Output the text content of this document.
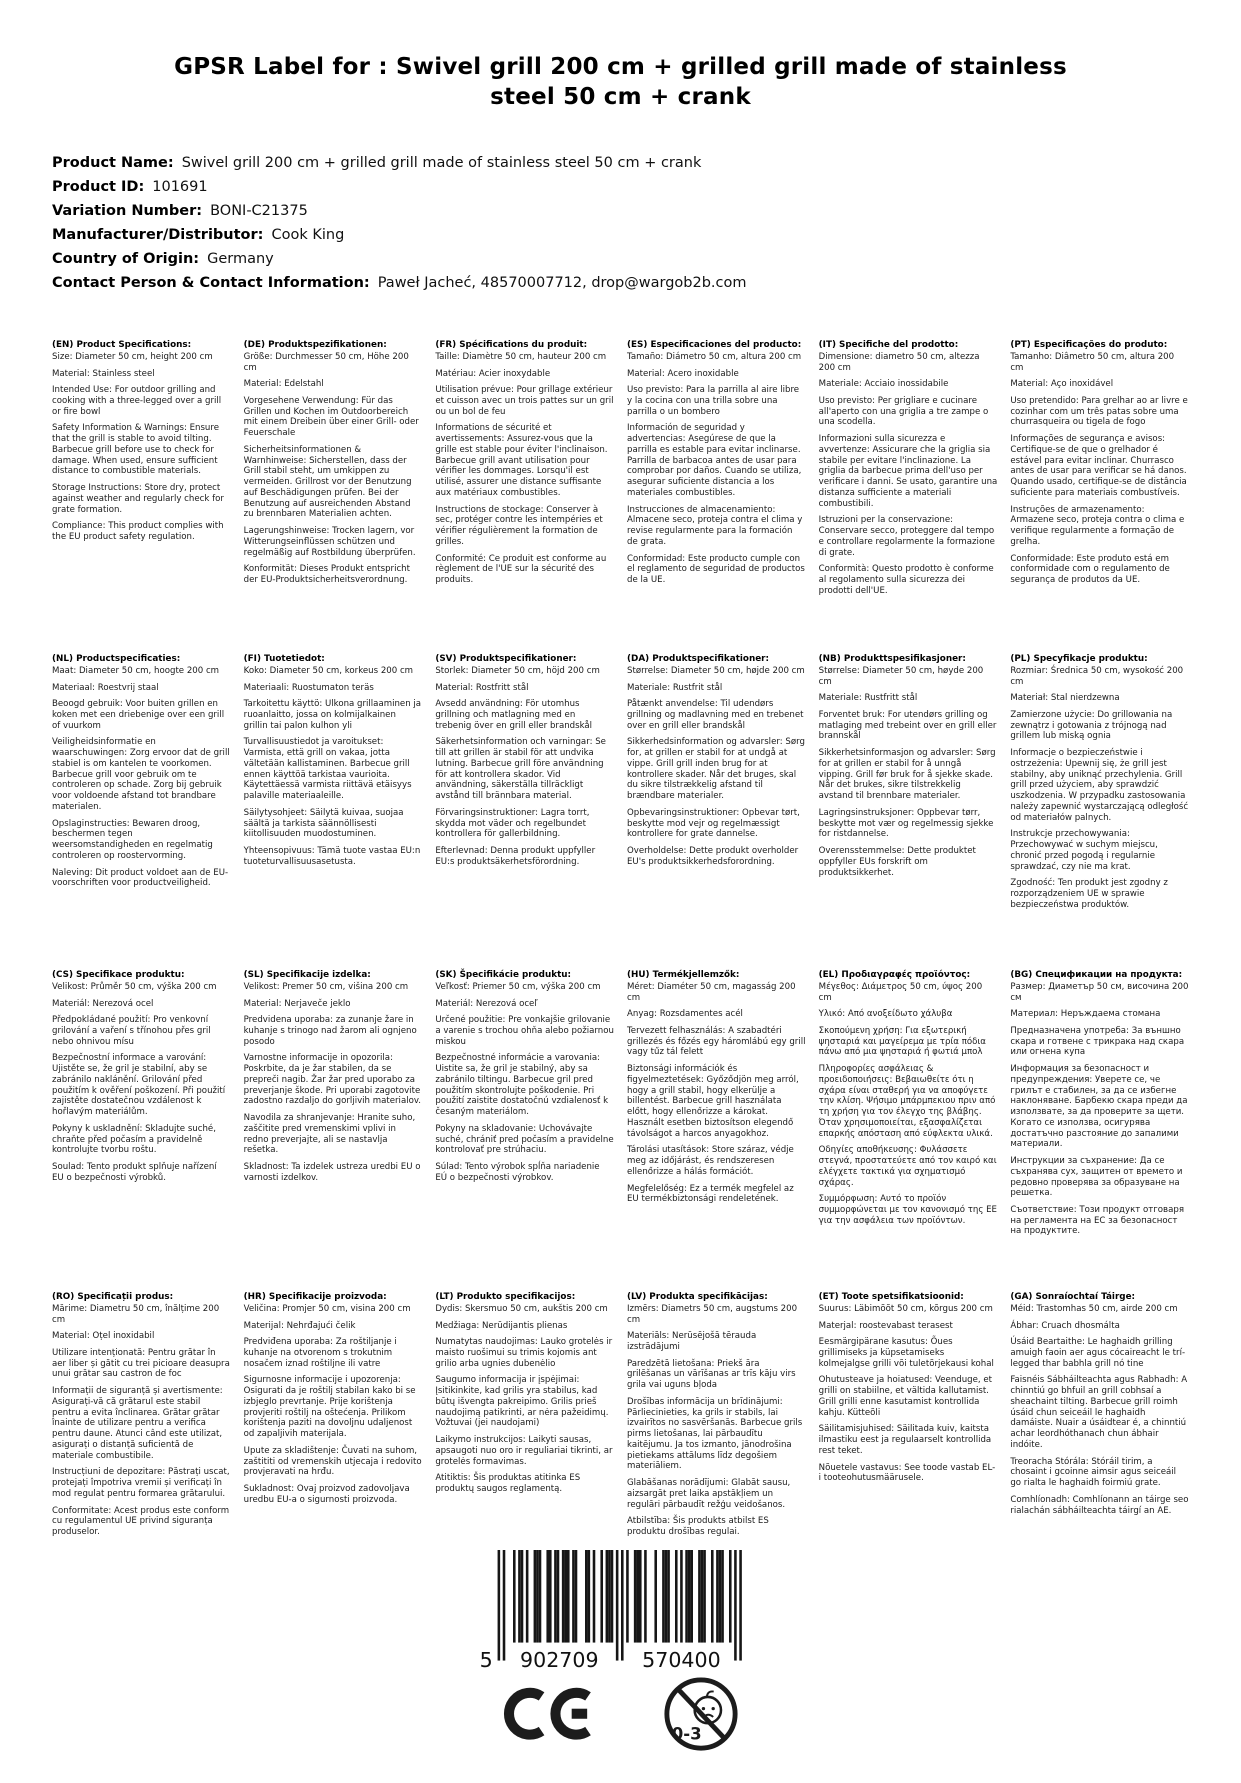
GPSR Label for : Swivel grill 200 cm + grilled grill made of stainless steel 50 cm + crank

Product Name: Swivel grill 200 cm + grilled grill made of stainless steel 50 cm + crank

Product ID: 101691

Variation Number: BONI-C21375

Manufacturer/Distributor: Cook King

Country of Origin: Germany

Contact Person & Contact Information: Paweł Jacheć, 48570007712, drop@wargob2b.com

(EN) Product Specifications:

Size: Diameter 50 cm, height 200 cm

Material: Stainless steel

Intended Use: For outdoor grilling and cooking with a three-legged over a grill or fire bowl

Safety Information & Warnings: Ensure that the grill is stable to avoid tilting. Barbecue grill before use to check for damage. When used, ensure sufficient distance to combustible materials.

Storage Instructions: Store dry, protect against weather and regularly check for grate formation.

Compliance: This product complies with the EU product safety regulation.

(DE) Produktspezifikationen:

Größe: Durchmesser 50 cm, Höhe 200 cm

Material: Edelstahl

Vorgesehene Verwendung: Für das Grillen und Kochen im Outdoorbereich mit einem Dreibein über einer Grill- oder Feuerschale

Sicherheitsinformationen & Warnhinweise: Sicherstellen, dass der Grill stabil steht, um umkippen zu vermeiden. Grillrost vor der Benutzung auf Beschädigungen prüfen. Bei der Benutzung auf ausreichenden Abstand zu brennbaren Materialien achten.

Lagerungshinweise: Trocken lagern, vor Witterungseinflüssen schützen und regelmäßig auf Rostbildung überprüfen.

Konformität: Dieses Produkt entspricht der EU-Produktsicherheitsverordnung.

(FR) Spécifications du produit:

Taille: Diamètre 50 cm, hauteur 200 cm

Matériau: Acier inoxydable

Utilisation prévue: Pour grillage extérieur et cuisson avec un trois pattes sur un gril ou un bol de feu

Informations de sécurité et avertissements: Assurez-vous que la grille est stable pour éviter l'inclinaison. Barbecue grill avant utilisation pour vérifier les dommages. Lorsqu'il est utilisé, assurer une distance suffisante aux matériaux combustibles.

Instructions de stockage: Conserver à sec, protéger contre les intempéries et vérifier régulièrement la formation de grilles.

Conformité: Ce produit est conforme au règlement de l'UE sur la sécurité des produits.

(ES) Especificaciones del producto:

Tamaño: Diámetro 50 cm, altura 200 cm

Material: Acero inoxidable

Uso previsto: Para la parrilla al aire libre y la cocina con una trilla sobre una parrilla o un bombero

Información de seguridad y advertencias: Asegúrese de que la parrilla es estable para evitar inclinarse. Parrilla de barbacoa antes de usar para comprobar por daños. Cuando se utiliza, asegurar suficiente distancia a los materiales combustibles.

Instrucciones de almacenamiento: Almacene seco, proteja contra el clima y revise regularmente para la formación de grata.

Conformidad: Este producto cumple con el reglamento de seguridad de productos de la UE.

(IT) Specifiche del prodotto:

Dimensione: diametro 50 cm, altezza 200 cm

Materiale: Acciaio inossidabile

Uso previsto: Per grigliare e cucinare all'aperto con una griglia a tre zampe o una scodella.

Informazioni sulla sicurezza e avvertenze: Assicurare che la griglia sia stabile per evitare l'inclinazione. La griglia da barbecue prima dell'uso per verificare i danni. Se usato, garantire una distanza sufficiente a materiali combustibili.

Istruzioni per la conservazione: Conservare secco, proteggere dal tempo e controllare regolarmente la formazione di grate.

Conformità: Questo prodotto è conforme al regolamento sulla sicurezza dei prodotti dell'UE.

(PT) Especificações do produto:

Tamanho: Diâmetro 50 cm, altura 200 cm

Material: Aço inoxidável

Uso pretendido: Para grelhar ao ar livre e cozinhar com um três patas sobre uma churrasqueira ou tigela de fogo

Informações de segurança e avisos: Certifique-se de que o grelhador é estável para evitar inclinar. Churrasco antes de usar para verificar se há danos. Quando usado, certifique-se de distância suficiente para materiais combustíveis.

Instruções de armazenamento: Armazene seco, proteja contra o clima e verifique regularmente a formação de grelha.

Conformidade: Este produto está em conformidade com o regulamento de segurança de produtos da UE.

(NL) Productspecificaties:

Maat: Diameter 50 cm, hoogte 200 cm

Materiaal: Roestvrij staal

Beoogd gebruik: Voor buiten grillen en koken met een driebenige over een grill of vuurkom

Veiligheidsinformatie en waarschuwingen: Zorg ervoor dat de grill stabiel is om kantelen te voorkomen. Barbecue grill voor gebruik om te controleren op schade. Zorg bij gebruik voor voldoende afstand tot brandbare materialen.

Opslaginstructies: Bewaren droog, beschermen tegen weersomstandigheden en regelmatig controleren op roostervorming.

Naleving: Dit product voldoet aan de EU-voorschriften voor productveiligheid.

(FI) Tuotetiedot:

Koko: Diameter 50 cm, korkeus 200 cm

Materiaali: Ruostumaton teräs

Tarkoitettu käyttö: Ulkona grillaaminen ja ruoanlaitto, jossa on kolmijalkainen grillin tai palon kulhon yli

Turvallisuustiedot ja varoitukset: Varmista, että grill on vakaa, jotta vältetään kallistaminen. Barbecue grill ennen käyttöä tarkistaa vaurioita. Käytettäessä varmista riittävä etäisyys palaville materiaaleille.

Säilytysohjeet: Säilytä kuivaa, suojaa säältä ja tarkista säännöllisesti kiitollisuuden muodostuminen.

Yhteensopivuus: Tämä tuote vastaa EU:n tuoteturvallisuusasetusta.

(SV) Produktspecifikationer:

Storlek: Diameter 50 cm, höjd 200 cm

Material: Rostfritt stål

Avsedd användning: För utomhus grillning och matlagning med en trebenig över en grill eller brandskål

Säkerhetsinformation och varningar: Se till att grillen är stabil för att undvika lutning. Barbecue grill före användning för att kontrollera skador. Vid användning, säkerställa tillräckligt avstånd till brännbara material.

Förvaringsinstruktioner: Lagra torrt, skydda mot väder och regelbundet kontrollera för gallerbildning.

Efterlevnad: Denna produkt uppfyller EU:s produktsäkerhetsförordning.

(DA) Produktspecifikationer:

Størrelse: Diameter 50 cm, højde 200 cm

Materiale: Rustfrit stål

Påtænkt anvendelse: Til udendørs grillning og madlavning med en trebenet over en grill eller brandskål

Sikkerhedsinformation og advarsler: Sørg for, at grillen er stabil for at undgå at vippe. Grill grill inden brug for at kontrollere skader. Når det bruges, skal du sikre tilstrækkelig afstand til brændbare materialer.

Opbevaringsinstruktioner: Opbevar tørt, beskytte mod vejr og regelmæssigt kontrollere for grate dannelse.

Overholdelse: Dette produkt overholder EU's produktsikkerhedsforordning.

(NB) Produkttspesifikasjoner:

Størrelse: Diameter 50 cm, høyde 200 cm

Materiale: Rustfritt stål

Forventet bruk: For utendørs grilling og matlaging med trebeint over en grill eller brannskål

Sikkerhetsinformasjon og advarsler: Sørg for at grillen er stabil for å unngå vipping. Grill før bruk for å sjekke skade. Når det brukes, sikre tilstrekkelig avstand til brennbare materialer.

Lagringsinstruksjoner: Oppbevar tørr, beskytte mot vær og regelmessig sjekke for ristdannelse.

Overensstemmelse: Dette produktet oppfyller EUs forskrift om produktsikkerhet.

(PL) Specyfikacje produktu:

Rozmiar: Średnica 50 cm, wysokość 200 cm

Materiał: Stal nierdzewna

Zamierzone użycie: Do grillowania na zewnątrz i gotowania z trójnogą nad grillem lub miską ognia

Informacje o bezpieczeństwie i ostrzeżenia: Upewnij się, że grill jest stabilny, aby uniknąć przechylenia. Grill grill przed użyciem, aby sprawdzić uszkodzenia. W przypadku zastosowania należy zapewnić wystarczającą odległość od materiałów palnych.

Instrukcje przechowywania: Przechowywać w suchym miejscu, chronić przed pogodą i regularnie sprawdzać, czy nie ma krat.

Zgodność: Ten produkt jest zgodny z rozporządzeniem UE w sprawie bezpieczeństwa produktów.

(CS) Specifikace produktu:

Velikost: Průměr 50 cm, výška 200 cm

Materiál: Nerezová ocel

Předpokládané použití: Pro venkovní grilování a vaření s třínohou přes gril nebo ohnivou mísu

Bezpečnostní informace a varování: Ujistěte se, že gril je stabilní, aby se zabránilo naklánění. Grilování před použitím k ověření poškození. Při použití zajistěte dostatečnou vzdálenost k hořlavým materiálům.

Pokyny k uskladnění: Skladujte suché, chraňte před počasím a pravidelně kontrolujte tvorbu roštu.

Soulad: Tento produkt splňuje nařízení EU o bezpečnosti výrobků.

(SL) Specifikacije izdelka:

Velikost: Premer 50 cm, višina 200 cm

Material: Nerjaveče jeklo

Predvidena uporaba: za zunanje žare in kuhanje s trinogo nad žarom ali ognjeno posodo

Varnostne informacije in opozorila: Poskrbite, da je žar stabilen, da se prepreči nagib. Žar žar pred uporabo za preverjanje škode. Pri uporabi zagotovite zadostno razdaljo do gorljivih materialov.

Navodila za shranjevanje: Hranite suho, zaščitite pred vremenskimi vplivi in redno preverjajte, ali se nastavlja rešetka.

Skladnost: Ta izdelek ustreza uredbi EU o varnosti izdelkov.

(SK) Špecifikácie produktu:

Veľkosť: Priemer 50 cm, výška 200 cm

Materiál: Nerezová oceľ

Určené použitie: Pre vonkajšie grilovanie a varenie s trochou ohňa alebo požiarnou miskou

Bezpečnostné informácie a varovania: Uistite sa, že gril je stabilný, aby sa zabránilo tiltingu. Barbecue gril pred použitím skontrolujte poškodenie. Pri použití zaistite dostatočnú vzdialenosť k česaným materiálom.

Pokyny na skladovanie: Uchovávajte suché, chrániť pred počasím a pravidelne kontrolovať pre strúhaciu.

Súlad: Tento výrobok spĺňa nariadenie EÚ o bezpečnosti výrobkov.

(HU) Termékjellemzők:

Méret: Diaméter 50 cm, magasság 200 cm

Anyag: Rozsdamentes acél

Tervezett felhasználás: A szabadtéri grillezés és főzés egy háromlábú egy grill vagy tűz tál felett

Biztonsági információk és figyelmeztetések: Győződjön meg arról, hogy a grill stabil, hogy elkerülje a billentést. Barbecue grill használata előtt, hogy ellenőrizze a károkat. Használt esetben biztosítson elegendő távolságot a harcos anyagokhoz.

Tárolási utasítások: Store száraz, védje meg az időjárást, és rendszeresen ellenőrizze a hálás formációt.

Megfelelőség: Ez a termék megfelel az EU termékbiztonsági rendeletének.

(EL) Προδιαγραφές προϊόντος:

Μέγεθος: Διάμετρος 50 cm, ύψος 200 cm

Υλικό: Από ανοξείδωτο χάλυβα

Σκοπούμενη χρήση: Για εξωτερική ψησταριά και μαγείρεμα με τρία πόδια πάνω από μια ψησταριά ή φωτιά μπολ

Πληροφορίες ασφάλειας & προειδοποιήσεις: Βεβαιωθείτε ότι η σχάρα είναι σταθερή για να αποφύγετε την κλίση. Ψήσιμο μπάρμπεκιου πριν από τη χρήση για τον έλεγχο της βλάβης. Όταν χρησιμοποιείται, εξασφαλίζεται επαρκής απόσταση από εύφλεκτα υλικά.

Οδηγίες αποθήκευσης: Φυλάσσετε στεγνά, προστατεύετε από τον καιρό και ελέγχετε τακτικά για σχηματισμό σχάρας.

Συμμόρφωση: Αυτό το προϊόν συμμορφώνεται με τον κανονισμό της ΕΕ για την ασφάλεια των προϊόντων.

(BG) Спецификации на продукта:

Размер: Диаметър 50 см, височина 200 см

Материал: Неръждаема стомана

Предназначена употреба: За външно скара и готвене с трикрака над скара или огнена купа

Информация за безопасност и предупреждения: Уверете се, че грилът е стабилен, за да се избегне наклоняване. Барбекю скара преди да използвате, за да проверите за щети. Когато се използва, осигурява достатъчно разстояние до запалими материали.

Инструкции за съхранение: Да се съхранява сух, защитен от времето и редовно проверява за образуване на решетка.

Съответствие: Този продукт отговаря на регламента на ЕС за безопасност на продуктите.

(RO) Specificații produs:

Mărime: Diametru 50 cm, înălțime 200 cm

Material: Oțel inoxidabil

Utilizare intenționată: Pentru grătar în aer liber și gătit cu trei picioare deasupra unui grătar sau castron de foc

Informații de siguranță și avertismente: Asigurați-vă că grătarul este stabil pentru a evita înclinarea. Grătar grătar înainte de utilizare pentru a verifica pentru daune. Atunci când este utilizat, asigurați o distanță suficientă de materiale combustibile.

Instrucțiuni de depozitare: Păstrați uscat, protejați împotriva vremii și verificați în mod regulat pentru formarea grătarului.

Conformitate: Acest produs este conform cu regulamentul UE privind siguranța produselor.

(HR) Specifikacije proizvoda:

Veličina: Promjer 50 cm, visina 200 cm

Materijal: Nehrđajući čelik

Predviđena uporaba: Za roštiljanje i kuhanje na otvorenom s trokutnim nosačem iznad roštiljne ili vatre

Sigurnosne informacije i upozorenja: Osigurati da je roštilj stabilan kako bi se izbjeglo prevrtanje. Prije korištenja provjeriti roštilj na oštećenja. Prilikom korištenja paziti na dovoljnu udaljenost od zapaljivih materijala.

Upute za skladištenje: Čuvati na suhom, zaštititi od vremenskih utjecaja i redovito provjeravati na hrđu.

Sukladnost: Ovaj proizvod zadovoljava uredbu EU-a o sigurnosti proizvoda.

(LT) Produkto specifikacijos:

Dydis: Skersmuo 50 cm, aukštis 200 cm

Medžiaga: Nerūdijantis plienas

Numatytas naudojimas: Lauko grotelės ir maisto ruošimui su trimis kojomis ant grilio arba ugnies dubenėlio

Saugumo informacija ir įspėjimai: Įsitikinkite, kad grilis yra stabilus, kad būtų išvengta pakreipimo. Grilis prieš naudojimą patikrinti, ar nėra pažeidimų. Vožtuvai (jei naudojami)

Laikymo instrukcijos: Laikyti sausas, apsaugoti nuo oro ir reguliariai tikrinti, ar grotelės formavimas.

Atitiktis: Šis produktas atitinka ES produktų saugos reglamentą.

(LV) Produkta specifikācijas:

Izmērs: Diametrs 50 cm, augstums 200 cm

Materiāls: Nerūsējošā tērauda izstrādājumi

Paredzētā lietošana: Priekš āra grilēšanas un vārīšanas ar trīs kāju virs grila vai uguns bļoda

Drošības informācija un brīdinājumi: Pārliecinieties, ka grils ir stabils, lai izvairītos no sasvēršanās. Barbecue grils pirms lietošanas, lai pārbaudītu kaitējumu. Ja tos izmanto, jānodrošina pietiekams attālums līdz degošiem materiāliem.

Glabāšanas norādījumi: Glabāt sausu, aizsargāt pret laika apstākļiem un regulāri pārbaudīt režģu veidošanos.

Atbilstība: Šis produkts atbilst ES produktu drošības regulai.

(ET) Toote spetsifikatsioonid:

Suurus: Läbimõõt 50 cm, kõrgus 200 cm

Materjal: roostevabast terasest

Eesmärgipärane kasutus: Õues grillimiseks ja küpsetamiseks kolmejalgse grilli või tuletõrjekausi kohal

Ohutusteave ja hoiatused: Veenduge, et grilli on stabiilne, et vältida kallutamist. Grill grilli enne kasutamist kontrollida kahju. Kütteõli

Säilitamisjuhised: Säilitada kuiv, kaitsta ilmastiku eest ja regulaarselt kontrollida rest teket.

Nõuetele vastavus: See toode vastab EL-i tooteohutusmäärusele.

(GA) Sonraíochtaí Táirge:

Méid: Trastomhas 50 cm, airde 200 cm

Ábhar: Cruach dhosmálta

Úsáid Beartaithe: Le haghaidh grilling amuigh faoin aer agus cócaireacht le trí-legged thar babhla grill nó tine

Faisnéis Sábháilteachta agus Rabhadh: A chinntiú go bhfuil an grill cobhsaí a sheachaint tilting. Barbecue grill roimh úsáid chun seiceáil le haghaidh damáiste. Nuair a úsáidtear é, a chinntiú achar leordhóthanach chun ábhair indóite.

Treoracha Stórála: Stóráil tirim, a chosaint i gcoinne aimsir agus seiceáil go rialta le haghaidh foirmiú grate.

Comhlíonadh: Comhlíonann an táirge seo rialachán sábháilteachta táirgí an AE.

5 902709	570400
0-3
